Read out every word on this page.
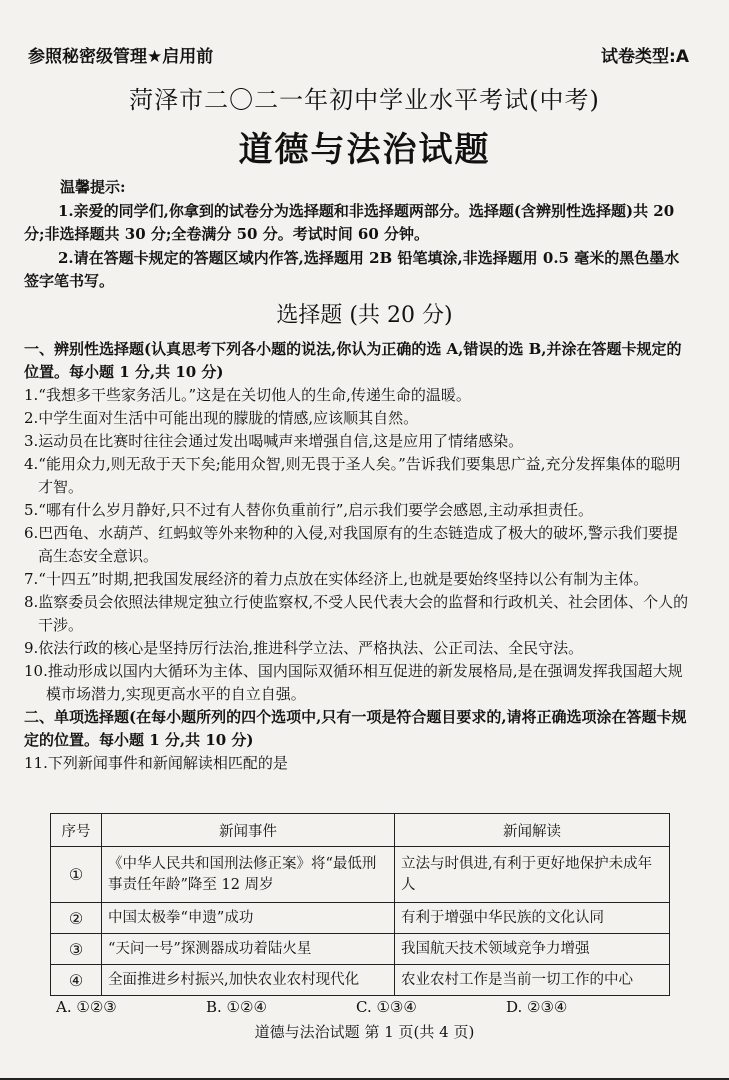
参照秘密级管理★启用前	试卷类型:A
菏泽市二〇二一年初中学业水平考试(中考)
道德与法治试题

温馨提示:

1.亲爱的同学们,你拿到的试卷分为选择题和非选择题两部分。选择题(含辨别性选择题)共 20 分;非选择题共 30 分;全卷满分 50 分。考试时间 60 分钟。

2.请在答题卡规定的答题区域内作答,选择题用 2B 铅笔填涂,非选择题用 0.5 毫米的黑色墨水签字笔书写。

选择题 (共 20 分)

一、辨别性选择题(认真思考下列各小题的说法,你认为正确的选 A,错误的选 B,并涂在答题卡规定的位置。每小题 1 分,共 10 分)

1.“我想多干些家务活儿。”这是在关切他人的生命,传递生命的温暖。

2.中学生面对生活中可能出现的朦胧的情感,应该顺其自然。

3.运动员在比赛时往往会通过发出喝喊声来增强自信,这是应用了情绪感染。

4.“能用众力,则无敌于天下矣;能用众智,则无畏于圣人矣。”告诉我们要集思广益,充分发挥集体的聪明才智。

5.“哪有什么岁月静好,只不过有人替你负重前行”,启示我们要学会感恩,主动承担责任。

6.巴西龟、水葫芦、红蚂蚁等外来物种的入侵,对我国原有的生态链造成了极大的破坏,警示我们要提高生态安全意识。

7.“十四五”时期,把我国发展经济的着力点放在实体经济上,也就是要始终坚持以公有制为主体。

8.监察委员会依照法律规定独立行使监察权,不受人民代表大会的监督和行政机关、社会团体、个人的干涉。

9.依法行政的核心是坚持厉行法治,推进科学立法、严格执法、公正司法、全民守法。

10.推动形成以国内大循环为主体、国内国际双循环相互促进的新发展格局,是在强调发挥我国超大规模市场潜力,实现更高水平的自立自强。

二、单项选择题(在每小题所列的四个选项中,只有一项是符合题目要求的,请将正确选项涂在答题卡规定的位置。每小题 1 分,共 10 分)

11.下列新闻事件和新闻解读相匹配的是

序号	新闻事件	新闻解读
①	《中华人民共和国刑法修正案》将“最低刑事责任年龄”降至 12 周岁	立法与时俱进,有利于更好地保护未成年人
②	中国太极拳“申遗”成功	有利于增强中华民族的文化认同
③	“天问一号”探测器成功着陆火星	我国航天技术领域竞争力增强
④	全面推进乡村振兴,加快农业农村现代化	农业农村工作是当前一切工作的中心
A. ①②③	B. ①②④	C. ①③④	D. ②③④
道德与法治试题 第 1 页(共 4 页)
